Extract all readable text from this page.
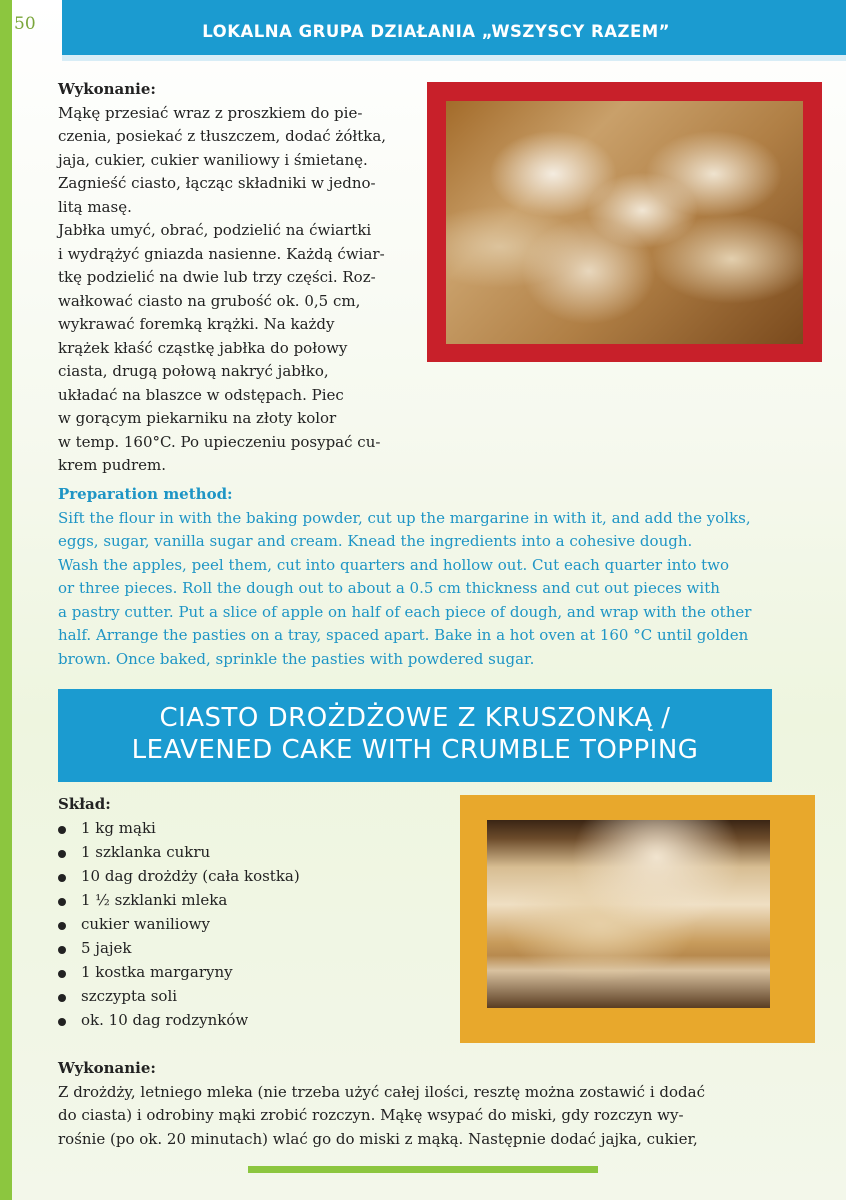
50	LOKALNA GRUPA DZIAŁANIA „WSZYSCY RAZEM”
Wykonanie:

Mąkę przesiać wraz z proszkiem do pie-

czenia, posiekać z tłuszczem, dodać żółtka,

jaja, cukier, cukier waniliowy i śmietanę.

Zagnieść ciasto, łącząc składniki w jedno-

litą masę.

Jabłka umyć, obrać, podzielić na ćwiartki

i wydrążyć gniazda nasienne. Każdą ćwiar-

tkę podzielić na dwie lub trzy części. Roz-

wałkować ciasto na grubość ok. 0,5 cm,

wykrawać foremką krążki. Na każdy

krążek kłaść cząstkę jabłka do połowy

ciasta, drugą połową nakryć jabłko,

układać na blaszce w odstępach. Piec

w gorącym piekarniku na złoty kolor

w temp. 160°C. Po upieczeniu posypać cu-

krem pudrem.

Preparation method:

Sift the flour in with the baking powder, cut up the margarine in with it, and add the yolks,

eggs, sugar, vanilla sugar and cream. Knead the ingredients into a cohesive dough.

Wash the apples, peel them, cut into quarters and hollow out. Cut each quarter into two

or three pieces. Roll the dough out to about a 0.5 cm thickness and cut out pieces with

a pastry cutter. Put a slice of apple on half of each piece of dough, and wrap with the other

half. Arrange the pasties on a tray, spaced apart. Bake in a hot oven at 160 °C until golden

brown. Once baked, sprinkle the pasties with powdered sugar.

CIASTO DROŻDŻOWE Z KRUSZONKĄ /
LEAVENED CAKE WITH CRUMBLE TOPPING
Skład:
1 kg mąki
1 szklanka cukru
10 dag drożdży (cała kostka)
1 ½ szklanki mleka
cukier waniliowy
5 jajek
1 kostka margaryny
szczypta soli
ok. 10 dag rodzynków
Wykonanie:

Z drożdży, letniego mleka (nie trzeba użyć całej ilości, resztę można zostawić i dodać

do ciasta) i odrobiny mąki zrobić rozczyn. Mąkę wsypać do miski, gdy rozczyn wy-

rośnie (po ok. 20 minutach) wlać go do miski z mąką. Następnie dodać jajka, cukier,
